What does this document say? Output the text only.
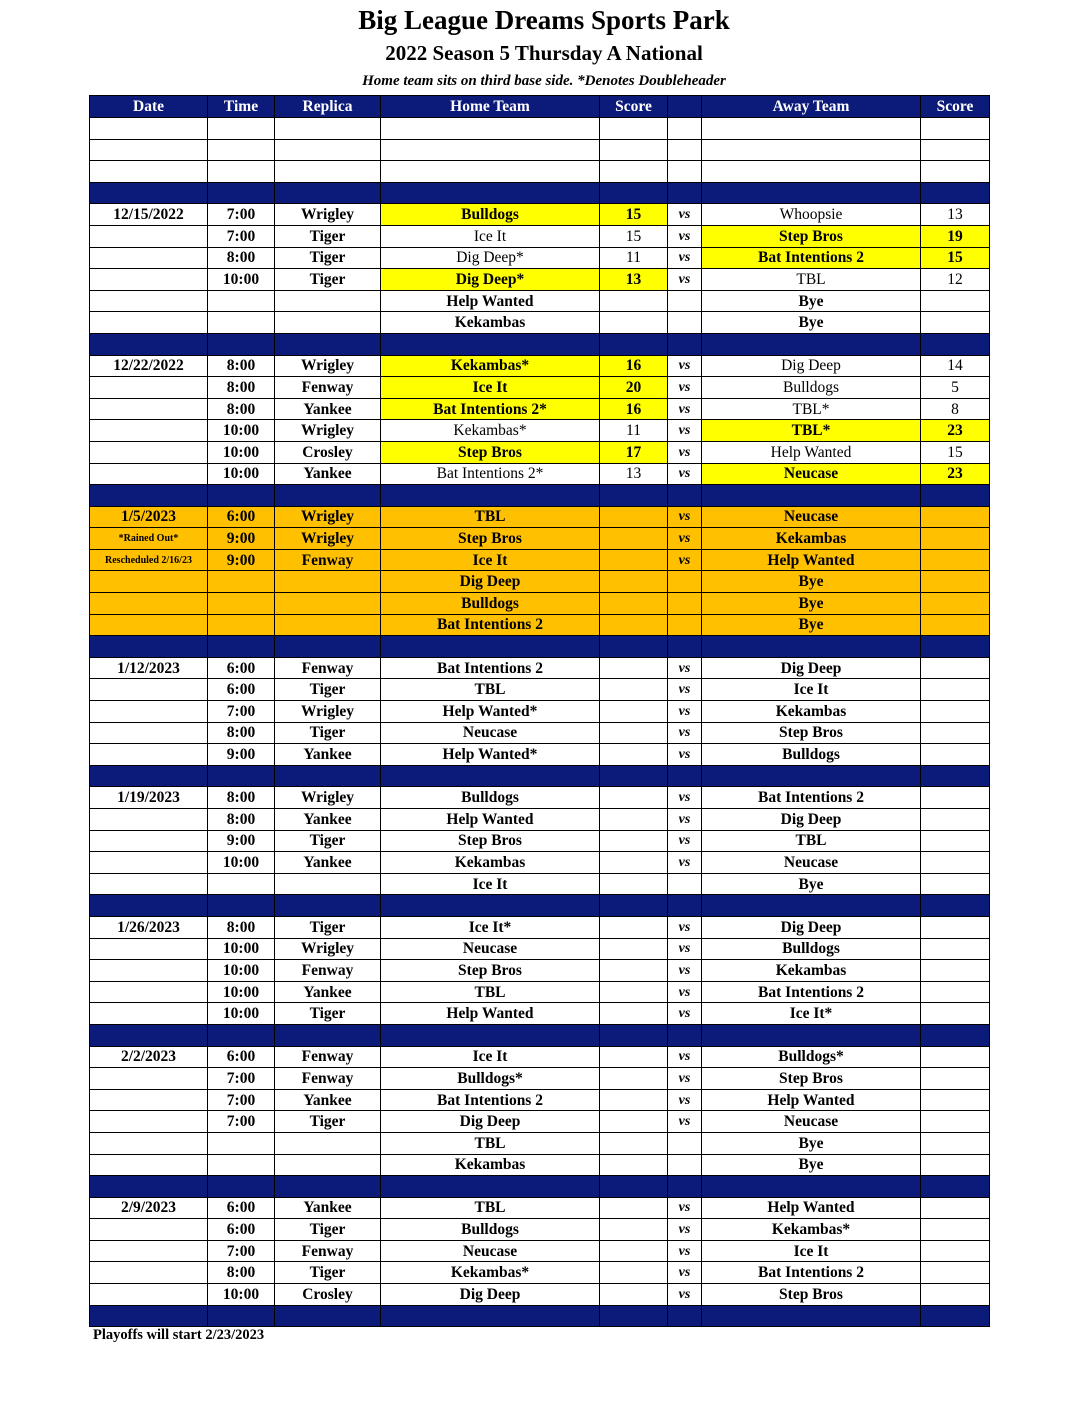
Big League Dreams Sports Park
2022 Season 5 Thursday A National
Home team sits on third base side. *Denotes Doubleheader
Date	Time	Replica	Home Team	Score		Away Team	Score

12/15/2022	7:00	Wrigley	Bulldogs	15	vs	Whoopsie	13
	7:00	Tiger	Ice It	15	vs	Step Bros	19
	8:00	Tiger	Dig Deep*	11	vs	Bat Intentions 2	15
	10:00	Tiger	Dig Deep*	13	vs	TBL	12
			Help Wanted			Bye	
			Kekambas			Bye	

12/22/2022	8:00	Wrigley	Kekambas*	16	vs	Dig Deep	14
	8:00	Fenway	Ice It	20	vs	Bulldogs	5
	8:00	Yankee	Bat Intentions 2*	16	vs	TBL*	8
	10:00	Wrigley	Kekambas*	11	vs	TBL*	23
	10:00	Crosley	Step Bros	17	vs	Help Wanted	15
	10:00	Yankee	Bat Intentions 2*	13	vs	Neucase	23

1/5/2023	6:00	Wrigley	TBL		vs	Neucase	
*Rained Out*	9:00	Wrigley	Step Bros		vs	Kekambas	
Rescheduled 2/16/23	9:00	Fenway	Ice It		vs	Help Wanted	
			Dig Deep			Bye	
			Bulldogs			Bye	
			Bat Intentions 2			Bye	

1/12/2023	6:00	Fenway	Bat Intentions 2		vs	Dig Deep	
	6:00	Tiger	TBL		vs	Ice It	
	7:00	Wrigley	Help Wanted*		vs	Kekambas	
	8:00	Tiger	Neucase		vs	Step Bros	
	9:00	Yankee	Help Wanted*		vs	Bulldogs	

1/19/2023	8:00	Wrigley	Bulldogs		vs	Bat Intentions 2	
	8:00	Yankee	Help Wanted		vs	Dig Deep	
	9:00	Tiger	Step Bros		vs	TBL	
	10:00	Yankee	Kekambas		vs	Neucase	
			Ice It			Bye	

1/26/2023	8:00	Tiger	Ice It*		vs	Dig Deep	
	10:00	Wrigley	Neucase		vs	Bulldogs	
	10:00	Fenway	Step Bros		vs	Kekambas	
	10:00	Yankee	TBL		vs	Bat Intentions 2	
	10:00	Tiger	Help Wanted		vs	Ice It*	

2/2/2023	6:00	Fenway	Ice It		vs	Bulldogs*	
	7:00	Fenway	Bulldogs*		vs	Step Bros	
	7:00	Yankee	Bat Intentions 2		vs	Help Wanted	
	7:00	Tiger	Dig Deep		vs	Neucase	
			TBL			Bye	
			Kekambas			Bye	

2/9/2023	6:00	Yankee	TBL		vs	Help Wanted	
	6:00	Tiger	Bulldogs		vs	Kekambas*	
	7:00	Fenway	Neucase		vs	Ice It	
	8:00	Tiger	Kekambas*		vs	Bat Intentions 2	
	10:00	Crosley	Dig Deep		vs	Step Bros	

Playoffs will start 2/23/2023
